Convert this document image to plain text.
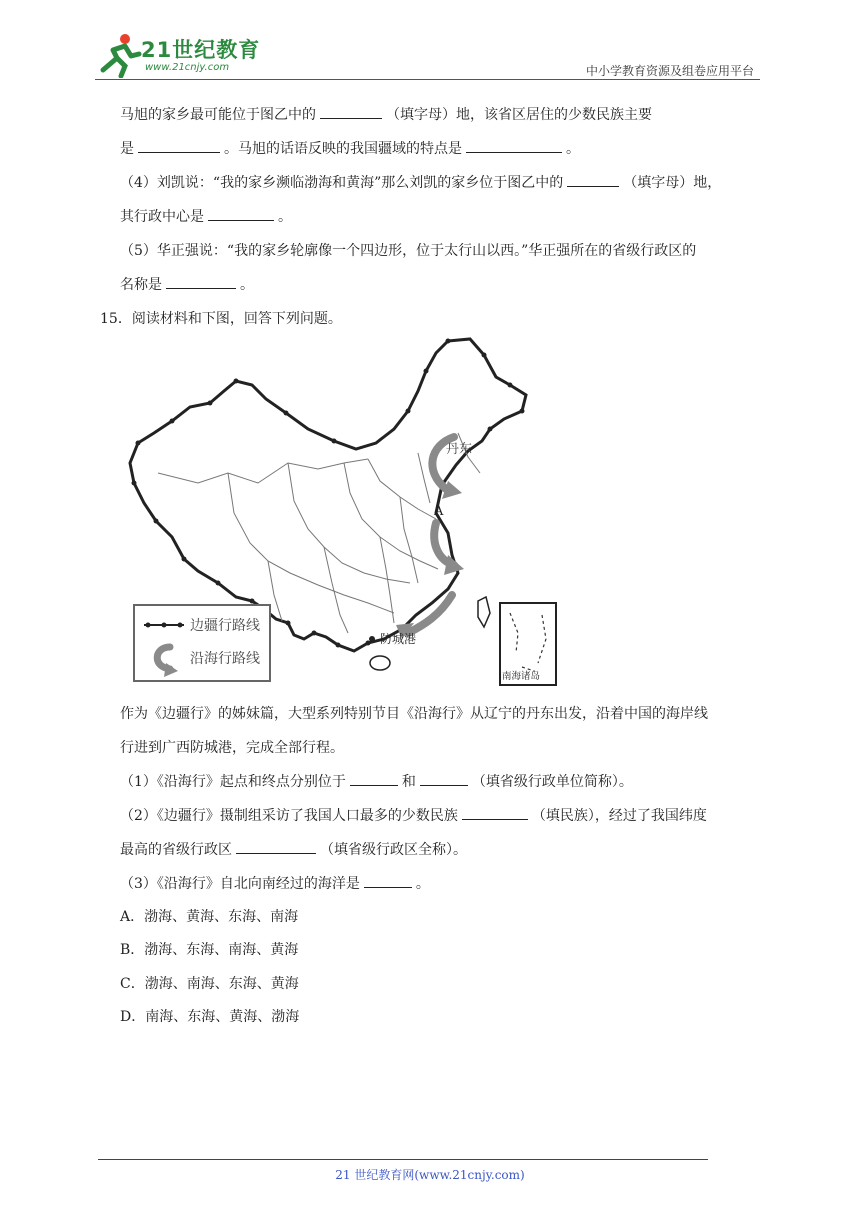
21世纪教育
www.21cnjy.com	中小学教育资源及组卷应用平台
马旭的家乡最可能位于图乙中的	（填字母）地，该省区居住的少数民族主要
是	。马旭的话语反映的我国疆域的特点是	。
（4）刘凯说：“我的家乡濒临渤海和黄海”那么刘凯的家乡位于图乙中的	（填字母）地，
其行政中心是	。
（5）华正强说：“我的家乡轮廓像一个四边形，位于太行山以西。”华正强所在的省级行政区的
名称是	。
15．阅读材料和下图，回答下列问题。
丹东
A
防城港
南海诸岛
边疆行路线
沿海行路线
作为《边疆行》的姊妹篇，大型系列特别节目《沿海行》从辽宁的丹东出发，沿着中国的海岸线
行进到广西防城港，完成全部行程。
（1）《沿海行》起点和终点分别位于	和	（填省级行政单位简称）。
（2）《边疆行》摄制组采访了我国人口最多的少数民族	（填民族），经过了我国纬度
最高的省级行政区	（填省级行政区全称）。
（3）《沿海行》自北向南经过的海洋是	。
A．渤海、黄海、东海、南海
B．渤海、东海、南海、黄海
C．渤海、南海、东海、黄海
D．南海、东海、黄海、渤海
21 世纪教育网(www.21cnjy.com)
